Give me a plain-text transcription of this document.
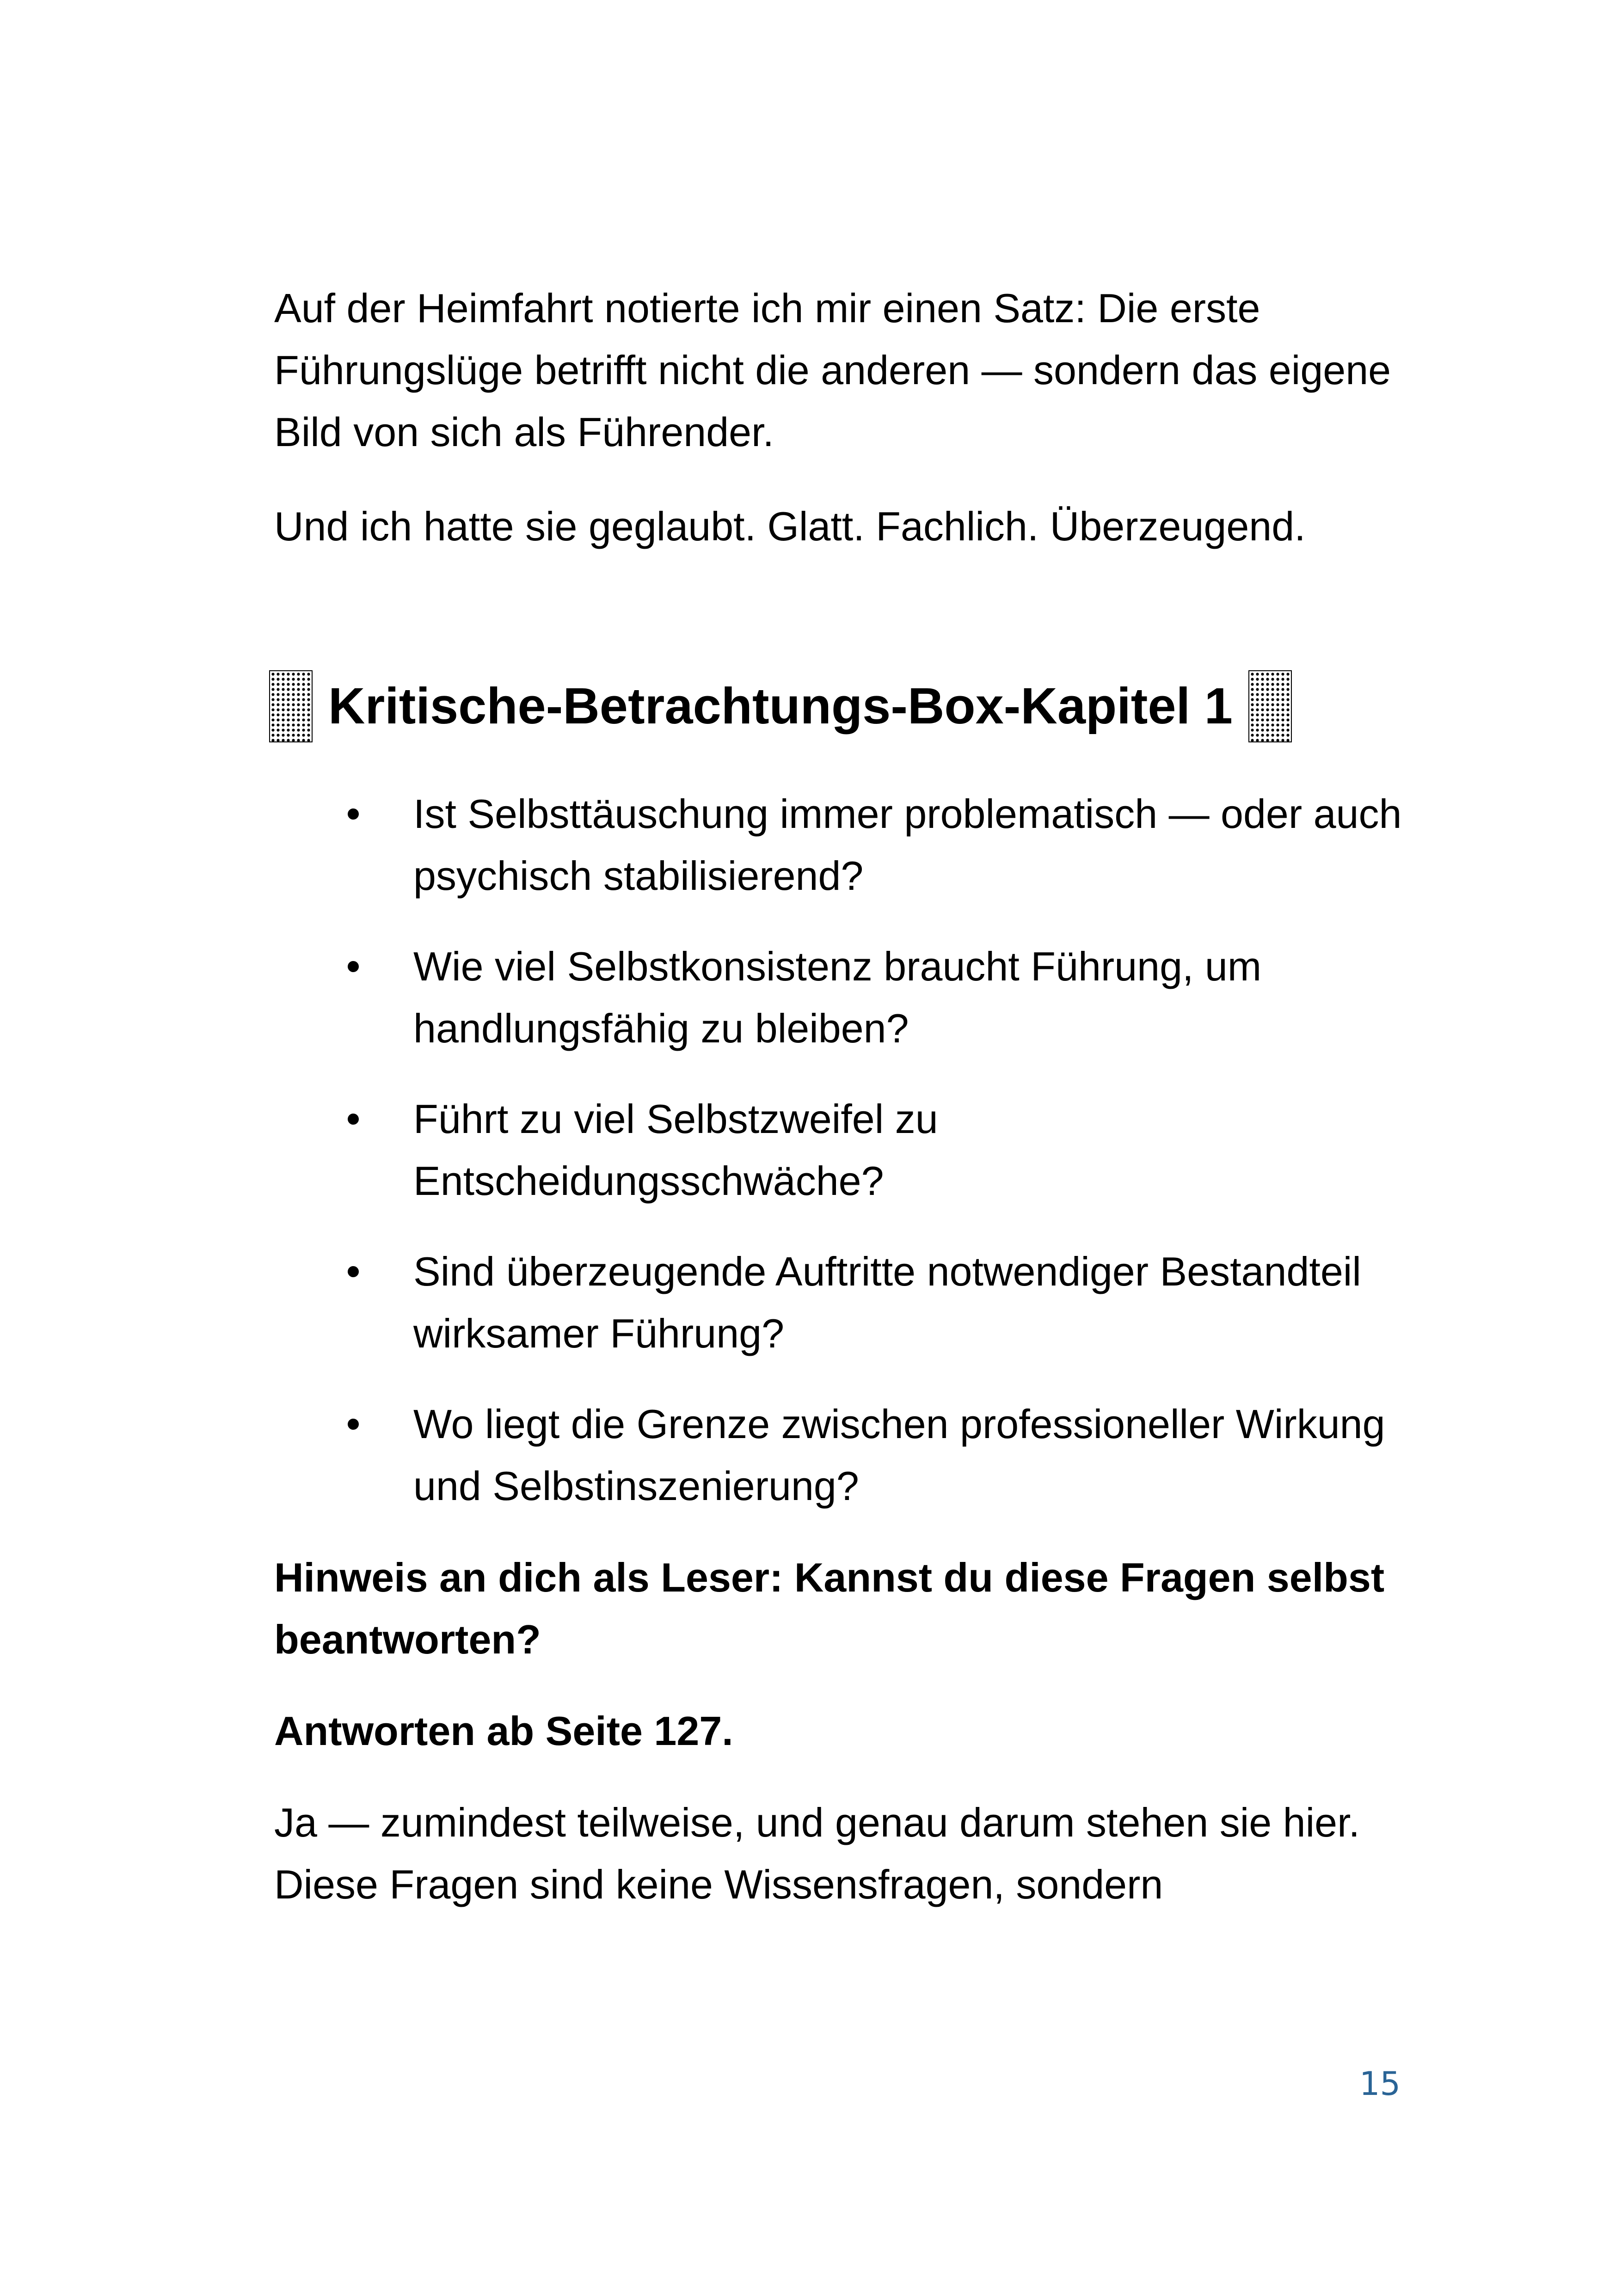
Auf der Heimfahrt notierte ich mir einen Satz: Die erste Führungslüge betrifft nicht die anderen — sondern das eigene Bild von sich als Führender.

Und ich hatte sie geglaubt. Glatt. Fachlich. Überzeugend.

Kritische-Betrachtungs-Box-Kapitel 1
Ist Selbsttäuschung immer problematisch — oder auch psychisch stabilisierend?
Wie viel Selbstkonsistenz braucht Führung, um handlungsfähig zu bleiben?
Führt zu viel Selbstzweifel zu Entscheidungsschwäche?
Sind überzeugende Auftritte notwendiger Bestandteil wirksamer Führung?
Wo liegt die Grenze zwischen professioneller Wirkung und Selbstinszenierung?

Hinweis an dich als Leser: Kannst du diese Fragen selbst beantworten?

Antworten ab Seite 127.

Ja — zumindest teilweise, und genau darum stehen sie hier. Diese Fragen sind keine Wissensfragen, sondern

15
